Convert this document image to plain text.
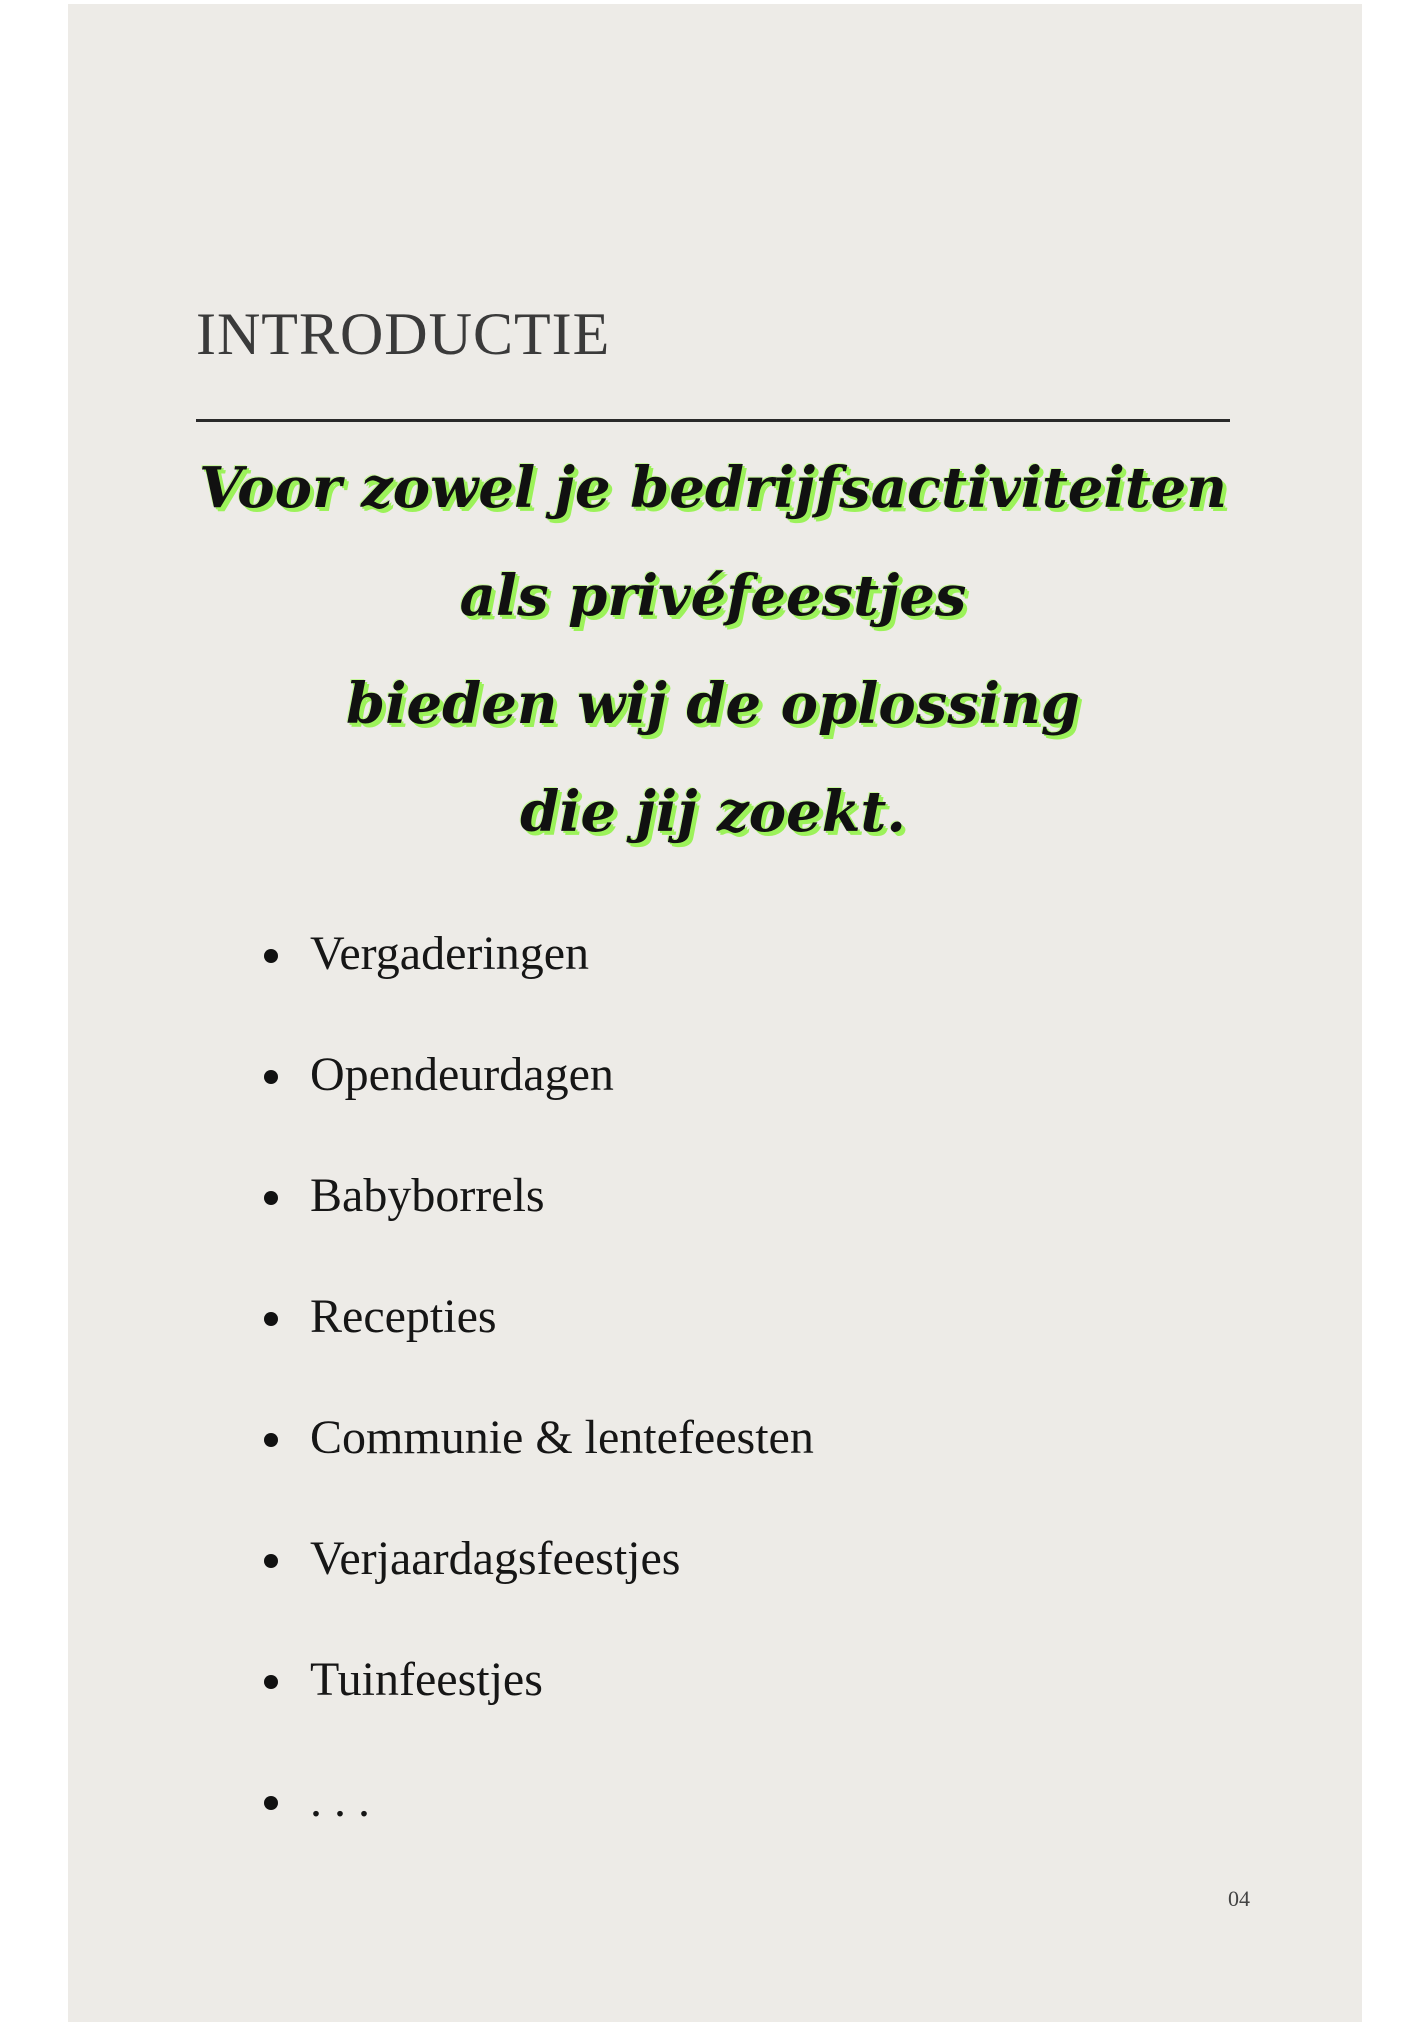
INTRODUCTIE
Voor zowel je bedrijfsactiviteiten
als privéfeestjes
bieden wij de oplossing
die jij zoekt.
Vergaderingen
Opendeurdagen
Babyborrels
Recepties
Communie & lentefeesten
Verjaardagsfeestjes
Tuinfeestjes
. . .
04
